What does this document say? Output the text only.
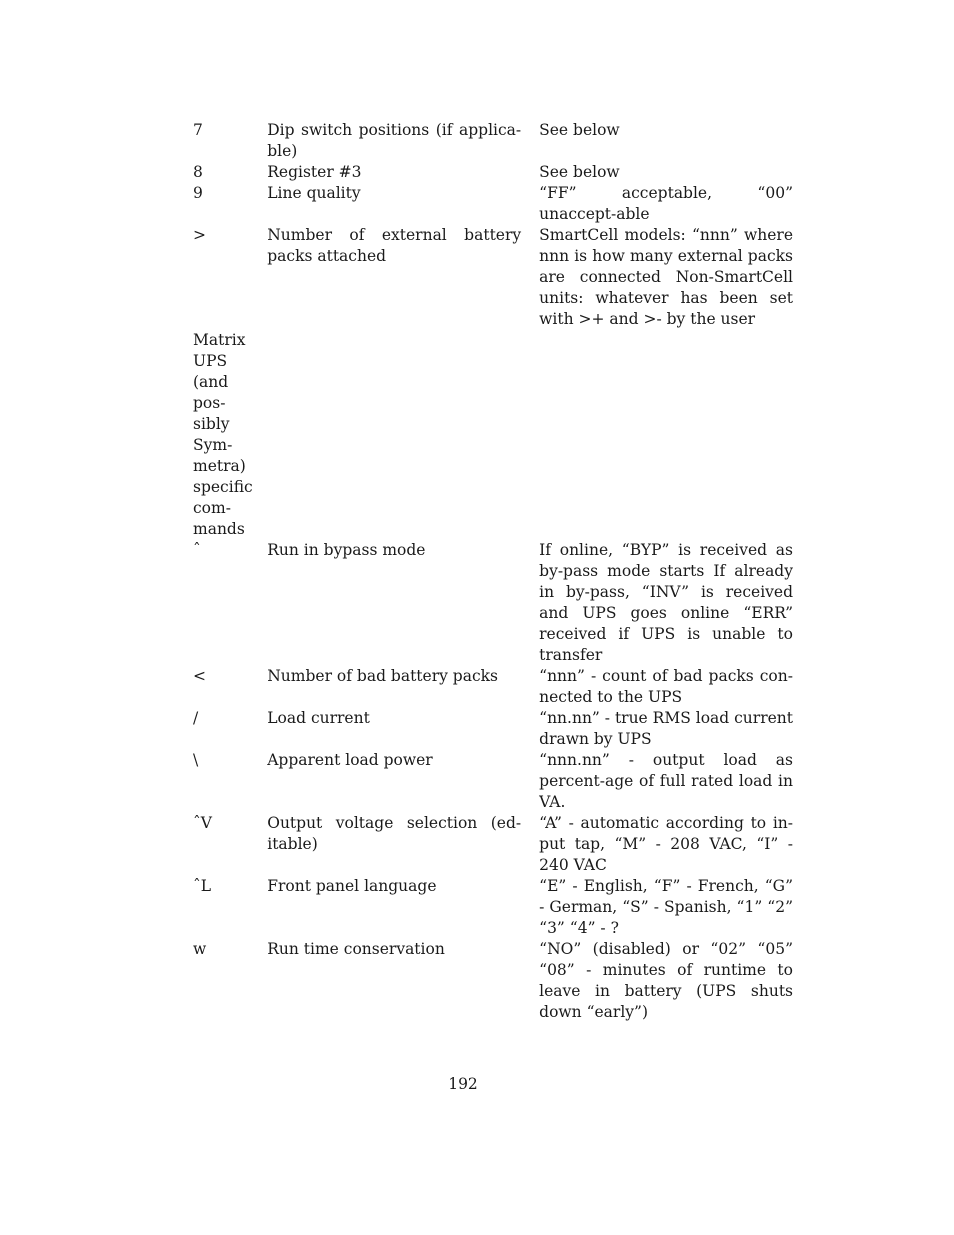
7	Dip switch positions (if applica-ble)	See below
8	Register #3	See below
9	Line quality	“FF” acceptable, “00” unaccept-able
>	Number of external battery packs attached	SmartCell models: “nnn” where nnn is how many external packs are connected Non-SmartCell units: whatever has been set with >+ and >- by the user

Matrix UPS (and pos-sibly Sym-metra) specific com-mands		

ˆ	Run in bypass mode	If online, “BYP” is received as by-pass mode starts If already in by-pass, “INV” is received and UPS goes online “ERR” received if UPS is unable to transfer
<	Number of bad battery packs	“nnn” - count of bad packs con-nected to the UPS
/	Load current	“nn.nn” - true RMS load current drawn by UPS
\	Apparent load power	“nnn.nn” - output load as percent-age of full rated load in VA.
ˆV	Output voltage selection (ed-itable)	“A” - automatic according to in-put tap, “M” - 208 VAC, “I” - 240 VAC
ˆL	Front panel language	“E” - English, “F” - French, “G” - German, “S” - Spanish, “1” “2” “3” “4” - ?
w	Run time conservation	“NO” (disabled) or “02” “05” “08” - minutes of runtime to leave in battery (UPS shuts down “early”)
192
